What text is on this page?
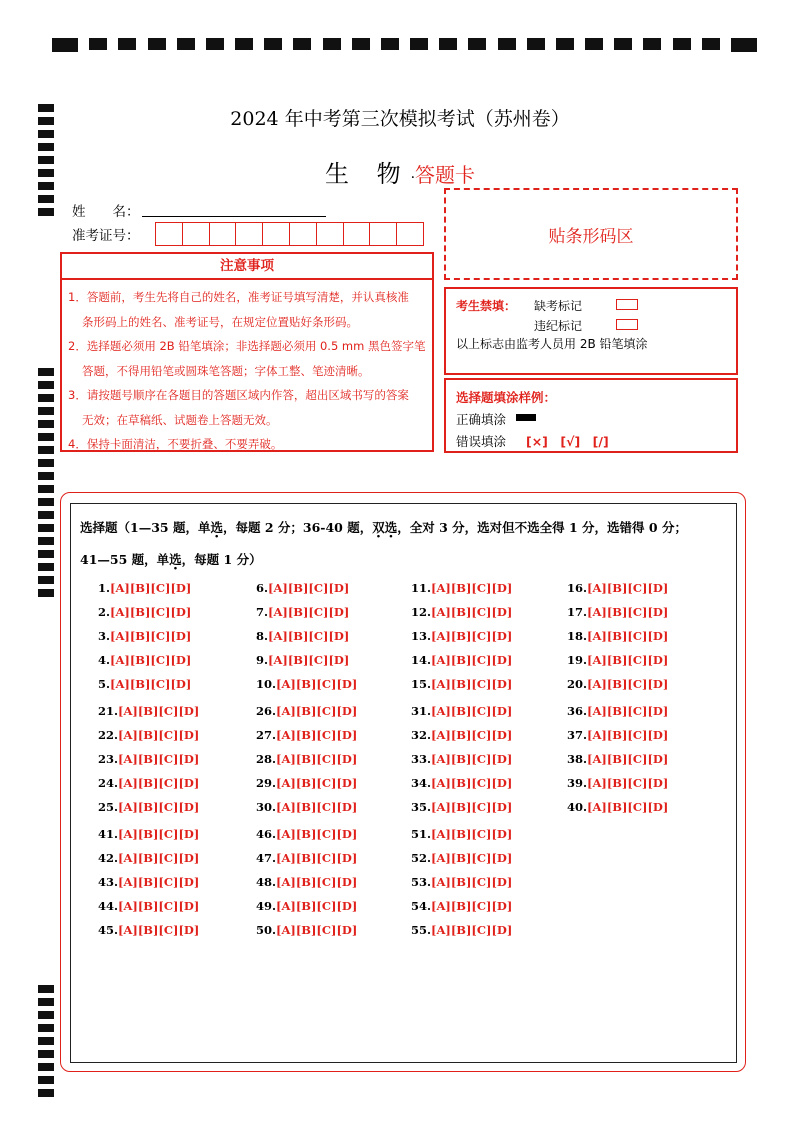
2024 年中考第三次模拟考试（苏州卷）
生 物·答题卡
姓　　名：
准考证号：
注意事项

1．答题前，考生先将自己的姓名，准考证号填写清楚，并认真核准

条形码上的姓名、准考证号，在规定位置贴好条形码。

2．选择题必须用 2B 铅笔填涂；非选择题必须用 0.5 mm 黑色签字笔

答题，不得用铅笔或圆珠笔答题；字体工整、笔迹清晰。

3．请按题号顺序在各题目的答题区域内作答，超出区域书写的答案

无效；在草稿纸、试题卷上答题无效。

4．保持卡面清洁，不要折叠、不要弄破。

贴条形码区
考生禁填： 缺考标记
违纪标记
以上标志由监考人员用 2B 铅笔填涂
选择题填涂样例：
正确填涂
错误填涂 [×]　[√]　[/]
选择题（1—35 题，单选，每题 2 分；36-40 题，双选，全对 3 分，选对但不选全得 1 分，选错得 0 分；
41—55 题，单选，每题 1 分）
1.[A][B][C][D]
2.[A][B][C][D]
3.[A][B][C][D]
4.[A][B][C][D]
5.[A][B][C][D]
21.[A][B][C][D]
22.[A][B][C][D]
23.[A][B][C][D]
24.[A][B][C][D]
25.[A][B][C][D]
41.[A][B][C][D]
42.[A][B][C][D]
43.[A][B][C][D]
44.[A][B][C][D]
45.[A][B][C][D]
6.[A][B][C][D]
7.[A][B][C][D]
8.[A][B][C][D]
9.[A][B][C][D]
10.[A][B][C][D]
26.[A][B][C][D]
27.[A][B][C][D]
28.[A][B][C][D]
29.[A][B][C][D]
30.[A][B][C][D]
46.[A][B][C][D]
47.[A][B][C][D]
48.[A][B][C][D]
49.[A][B][C][D]
50.[A][B][C][D]
11.[A][B][C][D]
12.[A][B][C][D]
13.[A][B][C][D]
14.[A][B][C][D]
15.[A][B][C][D]
31.[A][B][C][D]
32.[A][B][C][D]
33.[A][B][C][D]
34.[A][B][C][D]
35.[A][B][C][D]
51.[A][B][C][D]
52.[A][B][C][D]
53.[A][B][C][D]
54.[A][B][C][D]
55.[A][B][C][D]
16.[A][B][C][D]
17.[A][B][C][D]
18.[A][B][C][D]
19.[A][B][C][D]
20.[A][B][C][D]
36.[A][B][C][D]
37.[A][B][C][D]
38.[A][B][C][D]
39.[A][B][C][D]
40.[A][B][C][D]
